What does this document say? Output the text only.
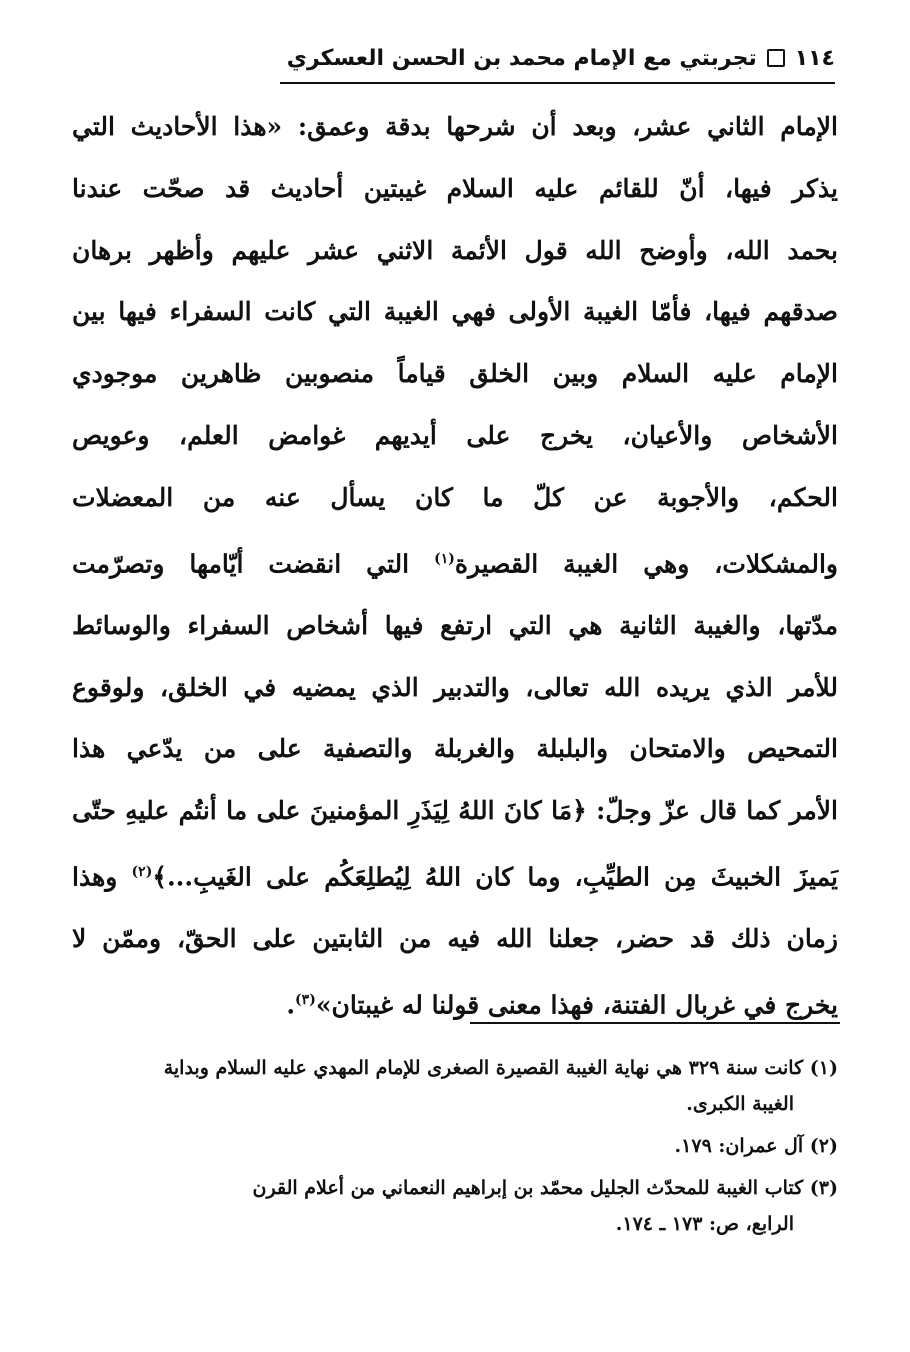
١١٤
تجربتي مع الإمام محمد بن الحسن العسكري
الإمام الثاني عشر، وبعد أن شرحها بدقة وعمق: «هذا الأحاديث التي
يذكر فيها، أنّ للقائم عليه السلام غيبتين أحاديث قد صحّت عندنا
بحمد الله، وأوضح الله قول الأئمة الاثني عشر عليهم وأظهر برهان
صدقهم فيها، فأمّا الغيبة الأولى فهي الغيبة التي كانت السفراء فيها بين
الإمام عليه السلام وبين الخلق قياماً منصوبين ظاهرين موجودي
الأشخاص والأعيان، يخرج على أيديهم غوامض العلم، وعويص
الحكم، والأجوبة عن كلّ ما كان يسأل عنه من المعضلات
والمشكلات، وهي الغيبة القصيرة$^{(١)}$ التي انقضت أيّامها وتصرّمت
مدّتها، والغيبة الثانية هي التي ارتفع فيها أشخاص السفراء والوسائط
للأمر الذي يريده الله تعالى، والتدبير الذي يمضيه في الخلق، ولوقوع
التمحيص والامتحان والبلبلة والغربلة والتصفية على من يدّعي هذا
الأمر كما قال عزّ وجلّ: ﴿مَا كانَ اللهُ لِيَذَرِ المؤمنينَ على ما أنتُم عليهِ حتّى
يَميزَ الخبيثَ مِن الطيِّبِ، وما كان اللهُ لِيُطلِعَكُم على الغَيبِ...﴾$^{(٢)}$ وهذا
زمان ذلك قد حضر، جعلنا الله فيه من الثابتين على الحقّ، وممّن لا
يخرج في غربال الفتنة، فهذا معنى قولنا له غيبتان»$^{(٣)}$.
(١) كانت سنة ٣٢٩ هي نهاية الغيبة القصيرة الصغرى للإمام المهدي عليه السلام وبداية
الغيبة الكبرى.
(٢) آل عمران: ١٧٩.
(٣) كتاب الغيبة للمحدّث الجليل محمّد بن إبراهيم النعماني من أعلام القرن
الرابع، ص: ١٧٣ ـ ١٧٤.
